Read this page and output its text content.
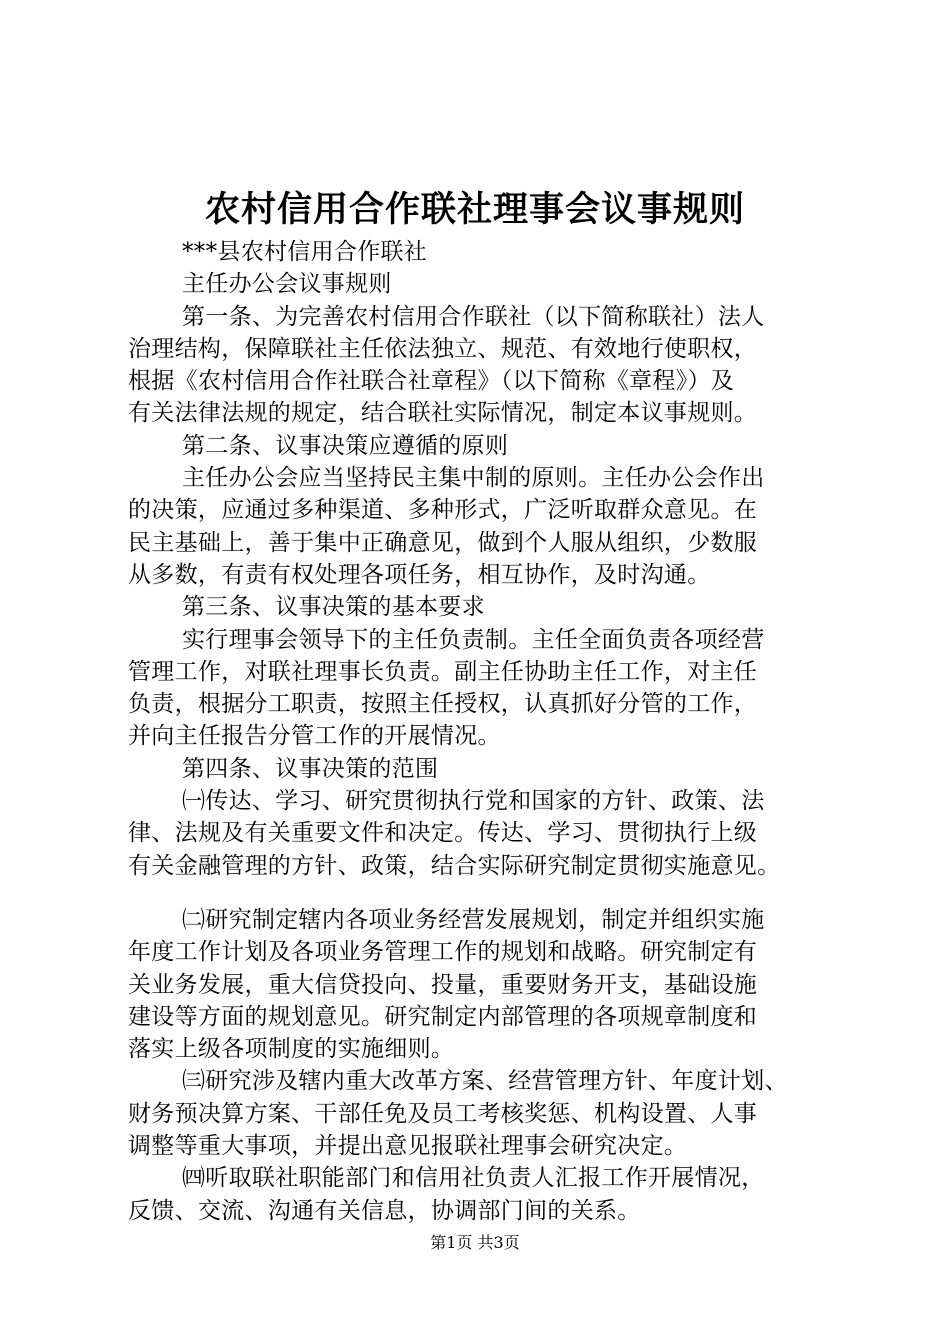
农村信用合作联社理事会议事规则
***县农村信用合作联社
主任办公会议事规则
第一条、为完善农村信用合作联社（以下简称联社）法人
治理结构，保障联社主任依法独立、规范、有效地行使职权，
根据《农村信用合作社联合社章程》（以下简称《章程》）及
有关法律法规的规定，结合联社实际情况，制定本议事规则。
第二条、议事决策应遵循的原则
主任办公会应当坚持民主集中制的原则。主任办公会作出
的决策，应通过多种渠道、多种形式，广泛听取群众意见。在
民主基础上，善于集中正确意见，做到个人服从组织，少数服
从多数，有责有权处理各项任务，相互协作，及时沟通。
第三条、议事决策的基本要求
实行理事会领导下的主任负责制。主任全面负责各项经营
管理工作，对联社理事长负责。副主任协助主任工作，对主任
负责，根据分工职责，按照主任授权，认真抓好分管的工作，
并向主任报告分管工作的开展情况。
第四条、议事决策的范围
㈠传达、学习、研究贯彻执行党和国家的方针、政策、法
律、法规及有关重要文件和决定。传达、学习、贯彻执行上级
有关金融管理的方针、政策，结合实际研究制定贯彻实施意见。
㈡研究制定辖内各项业务经营发展规划，制定并组织实施
年度工作计划及各项业务管理工作的规划和战略。研究制定有
关业务发展，重大信贷投向、投量，重要财务开支，基础设施
建设等方面的规划意见。研究制定内部管理的各项规章制度和
落实上级各项制度的实施细则。
㈢研究涉及辖内重大改革方案、经营管理方针、年度计划、
财务预决算方案、干部任免及员工考核奖惩、机构设置、人事
调整等重大事项，并提出意见报联社理事会研究决定。
㈣听取联社职能部门和信用社负责人汇报工作开展情况，
反馈、交流、沟通有关信息，协调部门间的关系。
第1页 共3页
